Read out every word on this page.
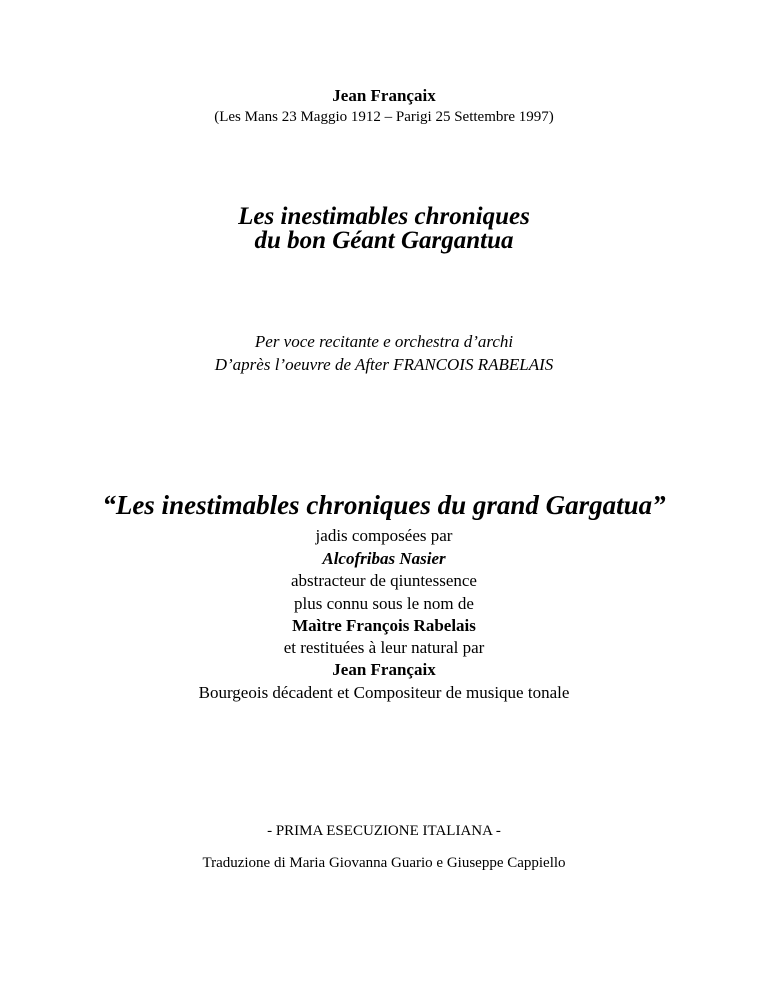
Jean Françaix
(Les Mans 23 Maggio 1912 – Parigi 25 Settembre 1997)
Les inestimables chroniques
du bon Géant Gargantua
Per voce recitante e orchestra d’archi
D’après l’oeuvre de After FRANCOIS RABELAIS
“Les inestimables chroniques du grand Gargatua”
jadis composées par
Alcofribas Nasier
abstracteur de qiuntessence
plus connu sous le nom de
Maìtre François Rabelais
et restituées à leur natural par
Jean Françaix
Bourgeois décadent et Compositeur de musique tonale
- PRIMA ESECUZIONE ITALIANA -
Traduzione di Maria Giovanna Guario e Giuseppe Cappiello
